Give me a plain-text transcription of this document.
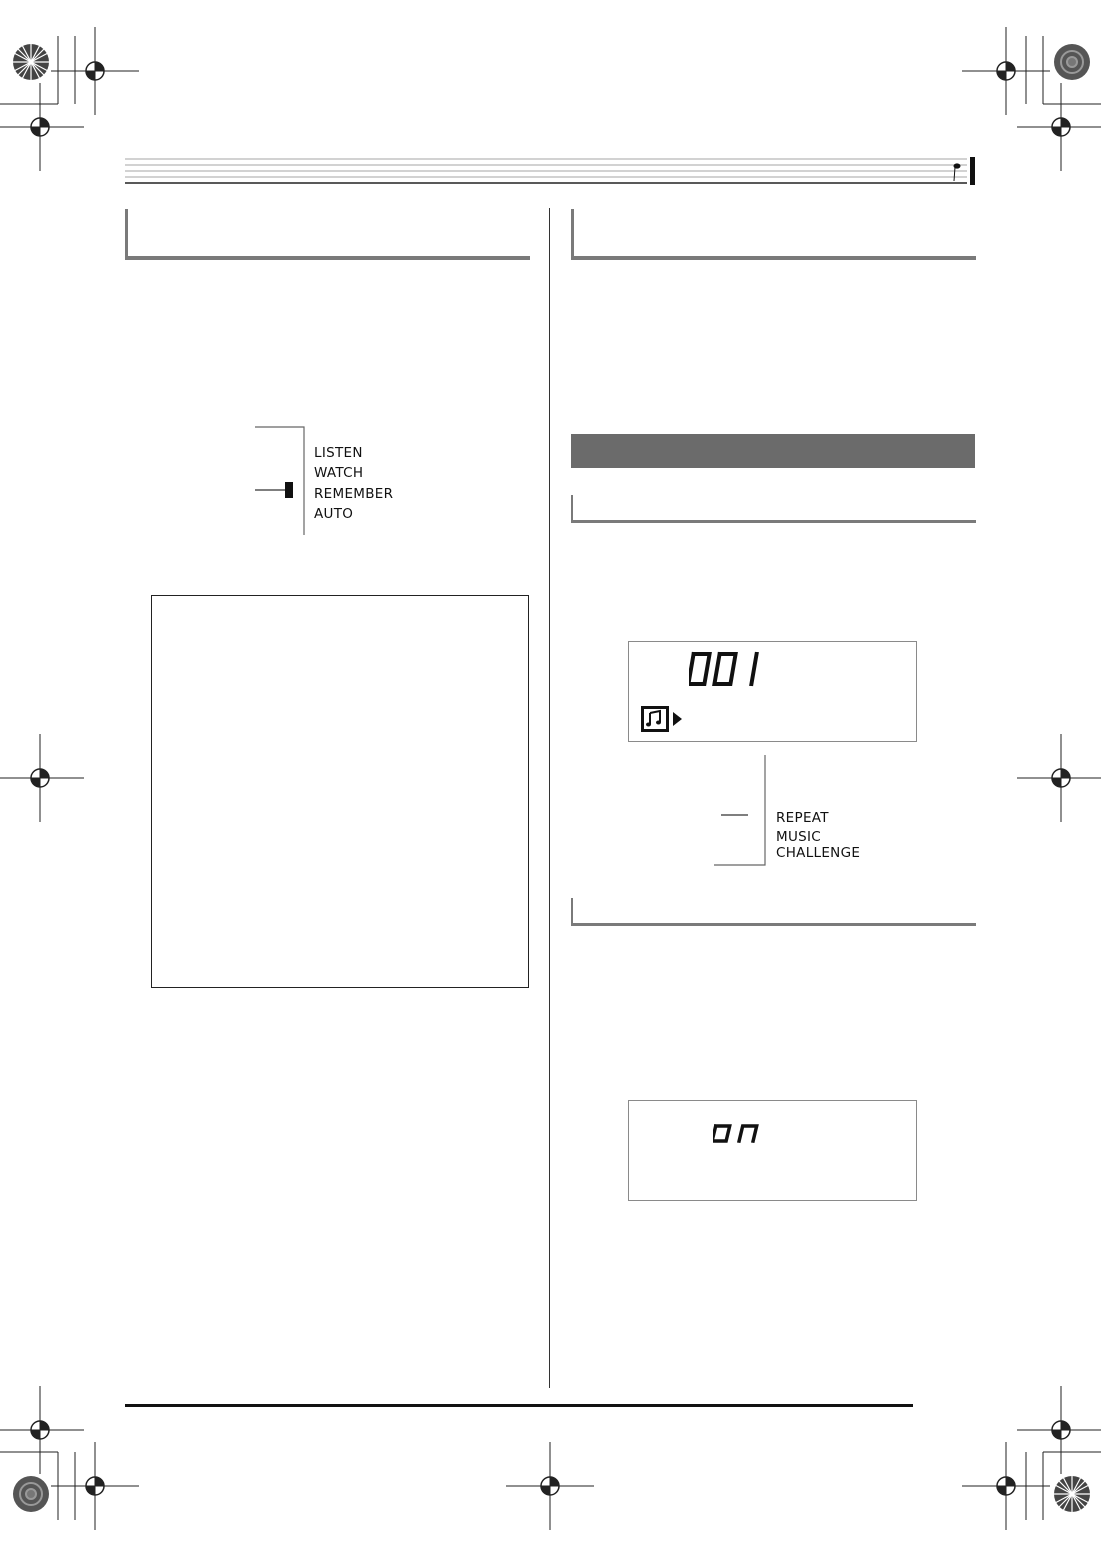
LISTEN
WATCH
REMEMBER
AUTO
REPEAT
MUSIC CHALLENGE
